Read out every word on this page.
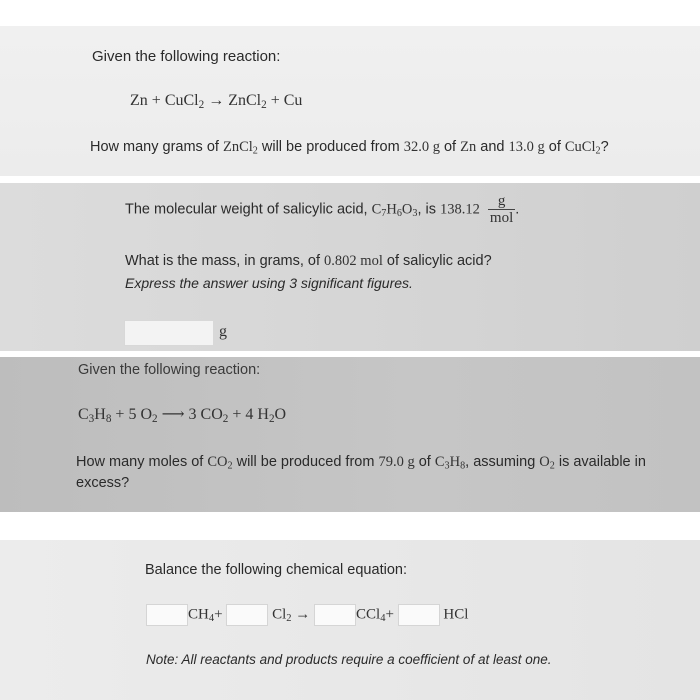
Given the following reaction:
Zn + CuCl$_2$ → ZnCl$_2$ + Cu
How many grams of ZnCl$_2$ will be produced from 32.0 g of Zn and 13.0 g of CuCl$_2$?
The molecular weight of salicylic acid, $C_7H_6O_3$, is $138.12 \frac{g}{\text{mol}}$ .
What is the mass, in grams, of 0.802 mol of salicylic acid?
Express the answer using 3 significant figures.
g
Given the following reaction:
$C_3H_8 + 5$ $O_2$ ⟶ 3 $CO_2 + 4$ $H_2O$
How many moles of $CO_2$ will be produced from 79.0 g of $C_3H_8$, assuming $O_2$ is available in
excess?
Balance the following chemical equation:
$CH_4+$	$Cl_2$ →	CCl$_4$+	HCl
Note: All reactants and products require a coefficient of at least one.
